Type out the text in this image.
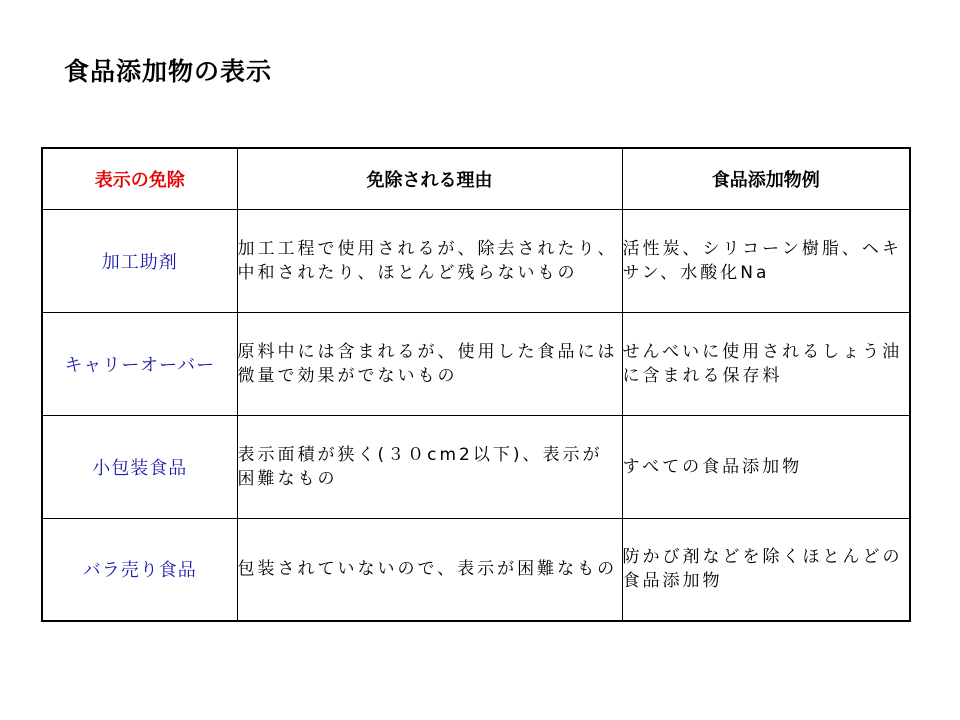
食品添加物の表示
表示の免除	免除される理由	食品添加物例
加工助剤	加工工程で使用されるが、除去されたり、中和されたり、ほとんど残らないもの	活性炭、シリコーン樹脂、ヘキサン、水酸化Na
キャリーオーバー	原料中には含まれるが、使用した食品には微量で効果がでないもの	せんべいに使用されるしょう油に含まれる保存料
小包装食品	表示面積が狭く(３０cm2以下)、表示が困難なもの	すべての食品添加物
バラ売り食品	包装されていないので、表示が困難なもの	防かび剤などを除くほとんどの食品添加物
